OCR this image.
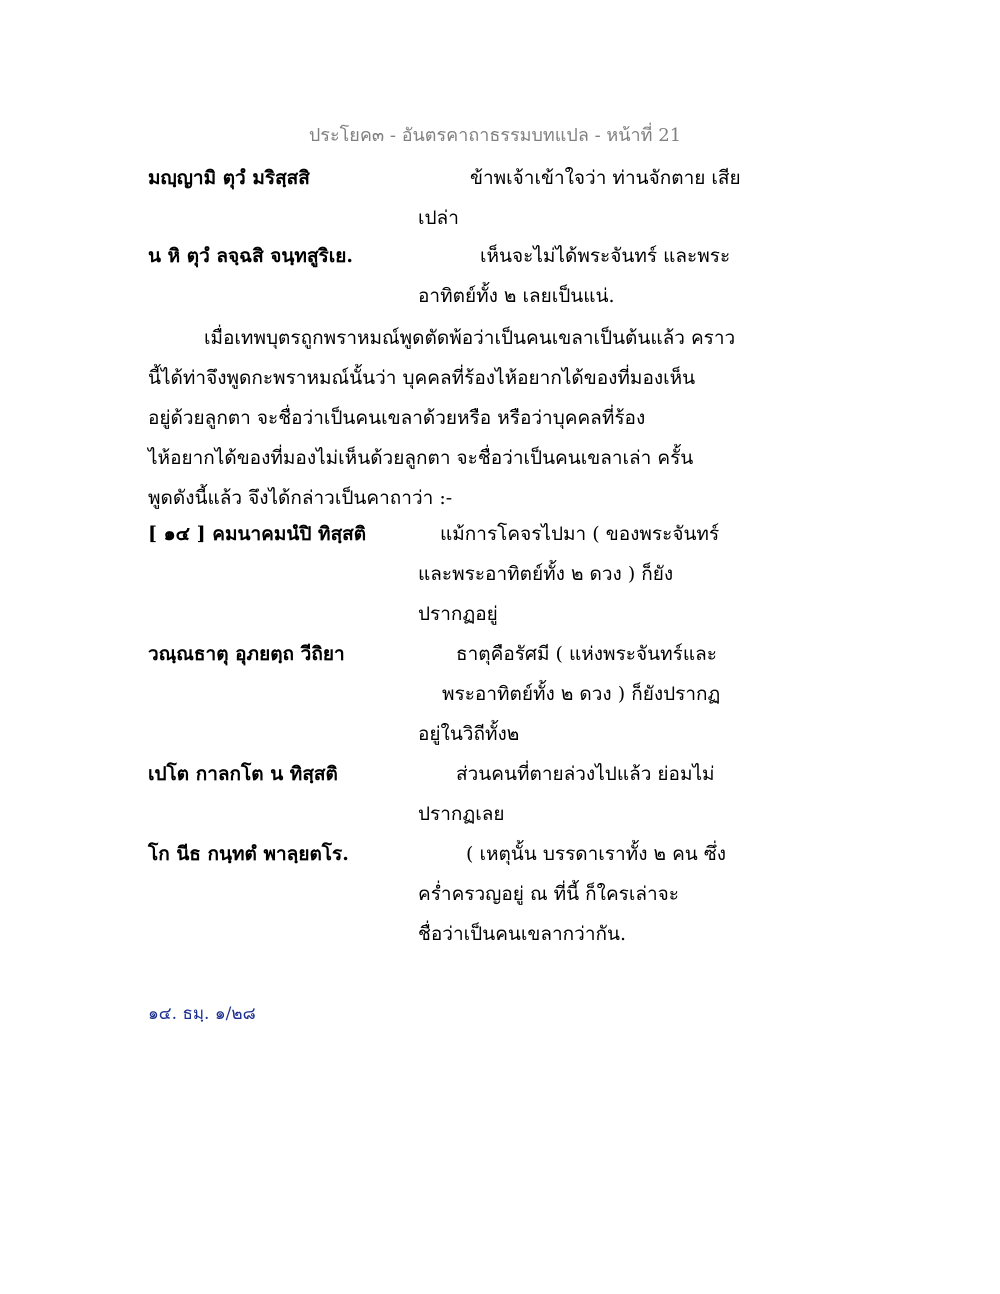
ประโยค๓ - อันตรคาถาธรรมบทแปล - หน้าที่ 21
มญฺญามิ ตุวํ มริสฺสสิ	ข้าพเจ้าเข้าใจว่า ท่านจักตาย เสีย
เปล่า
น หิ ตุวํ ลจฺฉสิ จนฺทสูริเย.	เห็นจะไม่ได้พระจันทร์ และพระ
อาทิตย์ทั้ง ๒ เลยเป็นแน่.
เมื่อเทพบุตรถูกพราหมณ์พูดตัดพ้อว่าเป็นคนเขลาเป็นต้นแล้ว คราว
นี้ได้ท่าจึงพูดกะพราหมณ์นั้นว่า บุคคลที่ร้องไห้อยากได้ของที่มองเห็น
อยู่ด้วยลูกตา จะชื่อว่าเป็นคนเขลาด้วยหรือ หรือว่าบุคคลที่ร้อง
ไห้อยากได้ของที่มองไม่เห็นด้วยลูกตา จะชื่อว่าเป็นคนเขลาเล่า ครั้น
พูดดังนี้แล้ว จึงได้กล่าวเป็นคาถาว่า :-
[ ๑๔ ] คมนาคมนํปิ ทิสฺสติ	แม้การโคจรไปมา ( ของพระจันทร์
และพระอาทิตย์ทั้ง ๒ ดวง ) ก็ยัง
ปรากฏอยู่
วณฺณธาตุ อุภยตฺถ วีถิยา	ธาตุคือรัศมี ( แห่งพระจันทร์และ
พระอาทิตย์ทั้ง ๒ ดวง ) ก็ยังปรากฏ
อยู่ในวิถีทั้ง๒
เปโต กาลกโต น ทิสฺสติ	ส่วนคนที่ตายล่วงไปแล้ว ย่อมไม่
ปรากฏเลย
โก นีธ กนฺทตํ พาลฺยตโร.	( เหตุนั้น บรรดาเราทั้ง ๒ คน ซึ่ง
คร่ำครวญอยู่ ณ ที่นี้ ก็ใครเล่าจะ
ชื่อว่าเป็นคนเขลากว่ากัน.
๑๔. ธมฺ. ๑/๒๘
